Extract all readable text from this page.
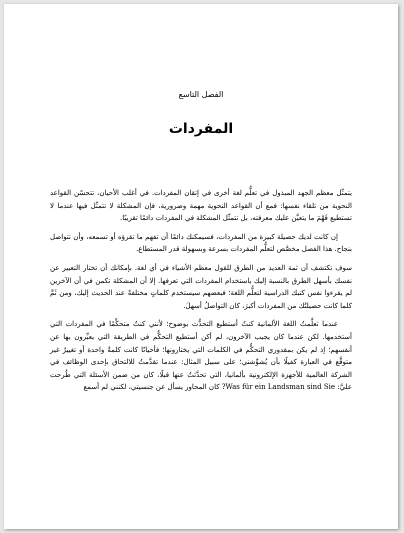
الفصل التاسع
المفردات

يتمثّل معظم الجهد المبذول في تعلُّم لغة أخرى في إتقان المفردات. في أغلب الأحيان، تتحسّن القواعد النحوية من تلقاء نفسها: فمع أن القواعد النحوية مهمة وضرورية، فإن المشكلة لا تتمثّل فيها عندما لا تستطيع فَهْمَ ما يتعيَّن عليك معرفته، بل تتمثّل المشكلة في المفردات دائمًا تقريبًا.

إن كانت لديك حصيلة كبيرة من المفردات، فسيمكنك دائمًا أن تفهم ما تقرؤه أو تسمعه، وأن تتواصل بنجاح. هذا الفصل مخصَّص لتعلُّم المفردات بسرعة وبسهولة قدر المستطاع.

سوف تكتشف أن ثمة العديد من الطرق للقول معظم الأشياء في أي لغة. بإمكانك أن تختار التعبير عن نفسك بأسهل الطرق بالنسبة إليك باستخدام المفردات التي تعرفها. إلا أن المشكلة تكمن في أن الآخرين لم يقرءوا نفس كتبك الدراسية لتعلُّم اللغة؛ فبعضهم سيستخدم كلماتٍ مختلفةً عند الحديث إليك، ومن ثَمَّ كلما كانت حصيلتُك من المفردات أكبرَ، كان التواصلُ أسهلَ.

عندما تعلَّمتُ اللغة الألمانية كنتُ أستطيع التحدُّث بوضوح؛ لأنني كنتُ متحكِّمًا في المفردات التي أستخدمها. لكن عندما كان يجيب الآخرون، لم أكن أستطيع التحكُّم في الطريقة التي يعبِّرون بها عن أنفسهم؛ إذ لم يكن بمقدوري التحكُّم في الكلمات التي يختارونها؛ فأحيانًا كانت كلمةٌ واحدة أو تغييرٌ غير متوقَّع في العبارة كفيلًا بأن يُشوِّشني؛ على سبيل المثال: عندما تقدَّمتُ للالتحاق بإحدى الوظائف في الشركة العالمية للأجهزة الإلكترونية بألمانيا، التي تحدَّثتُ عنها قبلًا، كان من ضمن الأسئلة التي طُرحت عليَّ: Was für ein Landsman sind Sie? كان المحاور يسأل عن جنسيتي، لكنني لم أسمع
